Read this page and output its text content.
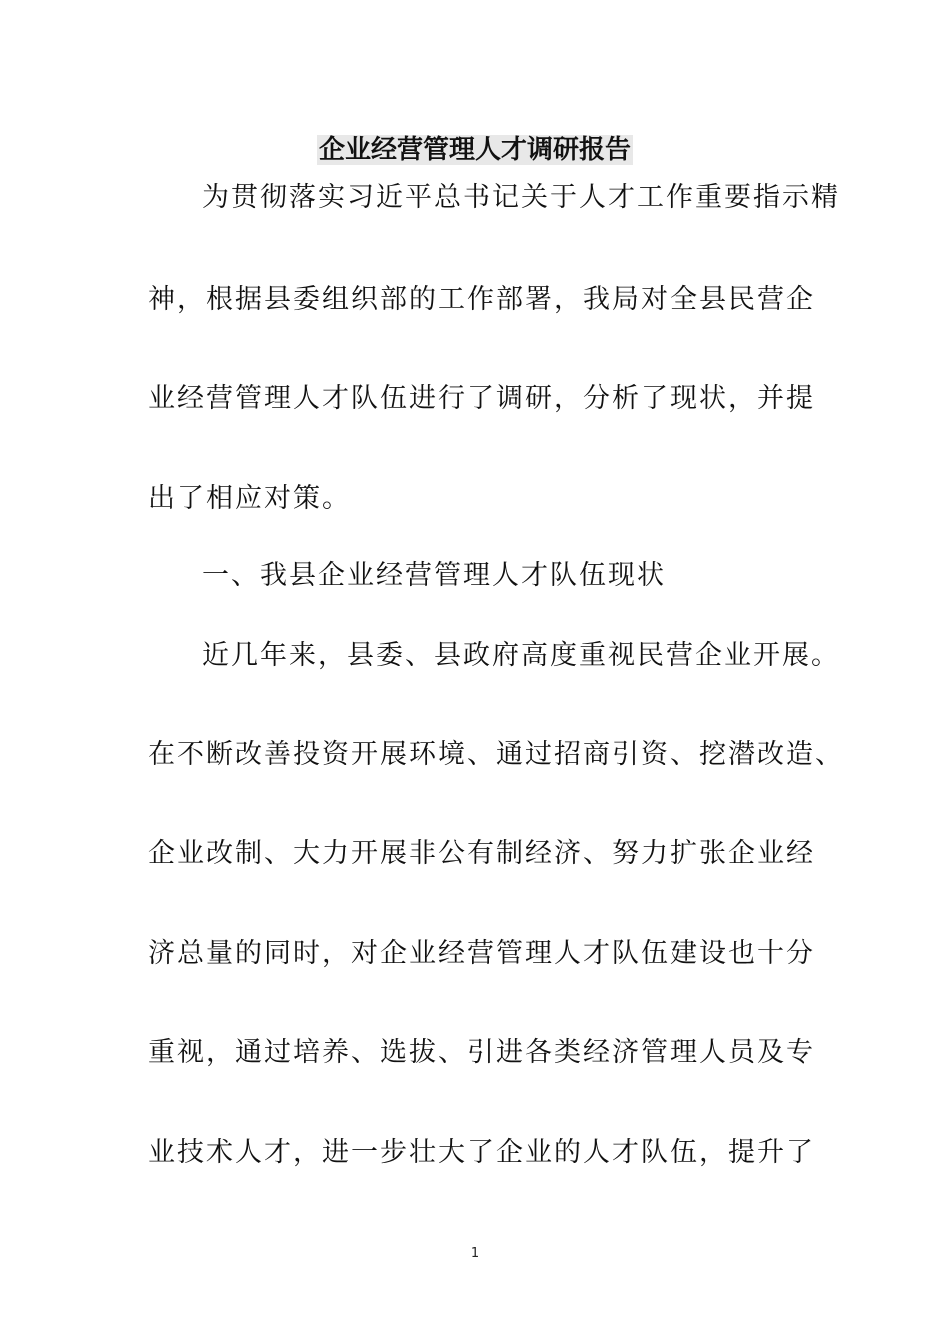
企业经营管理人才调研报告
为贯彻落实习近平总书记关于人才工作重要指示精
神，根据县委组织部的工作部署，我局对全县民营企
业经营管理人才队伍进行了调研，分析了现状，并提
出了相应对策。
一、我县企业经营管理人才队伍现状
近几年来，县委、县政府高度重视民营企业开展。
在不断改善投资开展环境、通过招商引资、挖潜改造、
企业改制、大力开展非公有制经济、努力扩张企业经
济总量的同时，对企业经营管理人才队伍建设也十分
重视，通过培养、选拔、引进各类经济管理人员及专
业技术人才，进一步壮大了企业的人才队伍，提升了
1
